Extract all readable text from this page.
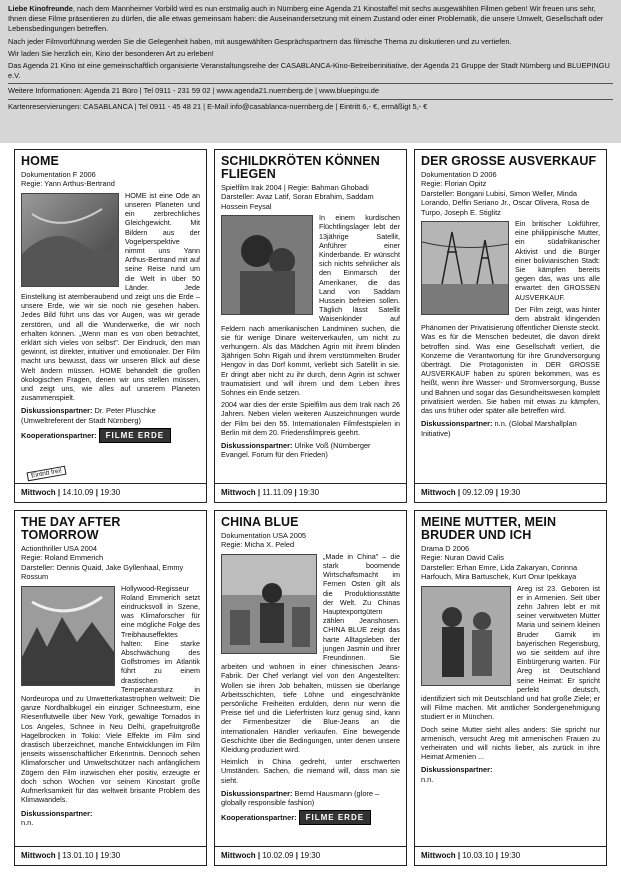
Liebe Kinofreunde, nach dem Mannheimer Vorbild wird es nun erstmalig auch in Nürnberg eine Agenda 21 Kinostaffel mit sechs ausgewählten Filmen geben! Wir freuen uns sehr, Ihnen diese Filme präsentieren zu dürfen, die alle etwas gemeinsam haben: die Auseinandersetzung mit einem Zustand oder einer Problematik, die unsere Umwelt, Gesellschaft oder Lebensbedingungen betreffen.

Nach jeder Filmvorführung werden Sie die Gelegenheit haben, mit ausgewählten Gesprächspartnern das filmische Thema zu diskutieren und zu vertiefen.

Wir laden Sie herzlich ein, Kino der besonderen Art zu erleben!

Das Agenda 21 Kino ist eine gemeinschaftlich organisierte Veranstaltungsreihe der CASABLANCA-Kino-Betreiberinitiative, der Agenda 21 Gruppe der Stadt Nürnberg und BLUEPINGU e.V.

Weitere Informationen: Agenda 21 Büro | Tel 0911 - 231 59 02 | www.agenda21.nuernberg.de | www.bluepingu.de

Kartenreservierungen: CASABLANCA | Tel 0911 - 45 48 21 | E-Mail info@casablanca-nuernberg.de | Eintritt 6,- €, ermäßigt 5,- €

HOME
Dokumentation F 2006
Regie: Yann Arthus-Bertrand

HOME ist eine Ode an unseren Planeten und ein zerbrechliches Gleichgewicht. Mit Bildern aus der Vogelperspektive nimmt uns Yann Arthus-Bertrand mit auf seine Reise rund um die Welt in über 50 Länder. Jede Einstellung ist atemberaubend und zeigt uns die Erde – unsere Erde, wie wir sie noch nie gesehen haben. Jedes Bild führt uns das vor Augen, was wir gerade zerstören, und all die Wunderwerke, die wir noch erhalten können. „Wenn man es von oben betrachtet, erklärt sich vieles von selbst". Der Eindruck, den man gewinnt, ist direkter, intuitiver und emotionaler. Der Film macht uns bewusst, dass wir unseren Blick auf diese Welt ändern müssen. HOME behandelt die großen ökologischen Fragen, denen wir uns stellen müssen, und zeigt uns, wie alles auf unserem Planeten zusammenspielt.

Diskussionspartner: Dr. Peter Pluschke (Umweltreferent der Stadt Nürnberg)
Kooperationspartner: FILME ERDE
Eintritt frei!
Mittwoch | 14.10.09 | 19:30
SCHILDKRÖTEN KÖNNEN FLIEGEN
Spielfilm Irak 2004 | Regie: Bahman Ghobadi
Darsteller: Avaz Latif, Soran Ebrahim, Saddam Hossein Feysal

In einem kurdischen Flüchtlingslager lebt der 13jährige Satellit, Anführer einer Kinderbande. Er wünscht sich nichts sehnlicher als den Einmarsch der Amerikaner, die das Land von Saddam Hussein befreien sollen. Täglich lässt Satellit Waisenkinder auf Feldern nach amerikanischen Landminen suchen, die sie für wenige Dinare weiterverkaufen, um nicht zu verhungern. Als das Mädchen Agrin mit ihrem blinden 3jährigen Sohn Rigah und ihrem verstümmelten Bruder Hengov in das Dorf kommt, verliebt sich Satellit in sie. Er dringt aber nicht zu ihr durch, denn Agrin ist schwer traumatisiert und will ihrem und dem Leben ihres Sohnes ein Ende setzen.

2004 war dies der erste Spielfilm aus dem Irak nach 26 Jahren. Neben vielen weiteren Auszeichnungen wurde der Film bei den 55. Internationalen Filmfestspielen in Berlin mit dem 20. Friedensfilmpreis geehrt.

Diskussionspartner: Ulrike Voß (Nürnberger Evangel. Forum für den Frieden)
Mittwoch | 11.11.09 | 19:30
DER GROSSE AUSVERKAUF
Dokumentation D 2006
Regie: Florian Opitz
Darsteller: Bongani Lubisi, Simon Weller, Minda Lorando, Delfin Seriano Jr., Oscar Olivera, Rosa de Turpo, Joseph E. Stiglitz

Ein britischer Lokführer, eine philippinische Mutter, ein südafrikanischer Aktivist und die Bürger einer bolivianischen Stadt: Sie kämpfen bereits gegen das, was uns alle erwartet: den GROSSEN AUSVERKAUF.

Der Film zeigt, was hinter dem abstrakt klingenden Phänomen der Privatisierung öffentlicher Dienste steckt. Was es für die Menschen bedeutet, die davon direkt betroffen sind. Was eine Gesellschaft verliert, die Konzerne die Verantwortung für ihre Grundversorgung überträgt. Die Protagonisten in DER GROSSE AUSVERKAUF haben zu spüren bekommen, was es heißt, wenn ihre Wasser- und Stromversorgung, Busse und Bahnen und sogar das Gesundheitswesen komplett privatisiert werden. Sie haben mit etwas zu kämpfen, das uns früher oder später alle betreffen wird.

Diskussionspartner: n.n. (Global Marshallplan Initiative)
Mittwoch | 09.12.09 | 19:30
THE DAY AFTER TOMORROW
Actionthriller USA 2004
Regie: Roland Emmerich
Darsteller: Dennis Quaid, Jake Gyllenhaal, Emmy Rossum

Hollywood-Regisseur Roland Emmerich setzt eindrucksvoll in Szene, was Klimaforscher für eine mögliche Folge des Treibhauseffektes halten: Eine starke Abschwächung des Golfstromes im Atlantik führt zu einem drastischen Temperatursturz in Nordeuropa und zu Unwetterkatastrophen weltweit: Die ganze Nordhalbkugel ein einziger Schneesturm, eine Riesenflutwelle über New York, gewaltige Tornados in Los Angeles, Schnee in Neu Delhi, grapefruitgroße Hagelbrocken in Tokio: Viele Effekte im Film sind drastisch überzeichnet, manche Entwicklungen im Film jenseits wissenschaftlicher Erkenntnis. Dennoch sehen Klimaforscher und Umweltschützer nach anfänglichem Zögern den Film inzwischen eher positiv, erzeugte er doch schon Wochen vor seinem Kinostart große Aufmerksamkeit für das weltweit brisante Problem des Klimawandels.

Diskussionspartner:
n.n.
Mittwoch | 13.01.10 | 19:30
CHINA BLUE
Dokumentation USA 2005
Regie: Micha X. Peled

„Made in China" – die stark boomende Wirtschaftsmacht im Fernen Osten gilt als die Produktionsstätte der Welt. Zu Chinas Hauptexportgütern zählen Jeanshosen. CHINA BLUE zeigt das harte Alltagsleben der jungen Jasmin und ihrer Freundinnen. Sie arbeiten und wohnen in einer chinesischen Jeans-Fabrik. Der Chef verlangt viel von den Angestellten: Wollen sie ihren Job behalten, müssen sie überlange Arbeitsschichten, tiefe Löhne und eingeschränkte persönliche Freiheiten erdulden, denn nur wenn die Preise tief und die Lieferfristen kurz genug sind, kann der Firmenbesitzer die Blue-Jeans an die internationalen Händler verkaufen. Eine bewegende Geschichte über die Bedingungen, unter denen unsere Kleidung produziert wird.

Heimlich in China gedreht, unter erschwerten Umständen. Sachen, die niemand will, dass man sie sieht.

Diskussionspartner: Bernd Hausmann (glore – globally responsible fashion)
Kooperationspartner: FILME ERDE
Mittwoch | 10.02.09 | 19:30
MEINE MUTTER, MEIN BRUDER UND ICH
Drama D 2006
Regie: Nuran David Calis
Darsteller: Erhan Emre, Lida Zakaryan, Corinna Harfouch, Mira Bartuschek, Kurt Onur Ipekkaya

Areg ist 23. Geboren ist er in Armenien. Seit über zehn Jahren lebt er mit seiner verwitweten Mutter Maria und seinem kleinen Bruder Garnik im bayerischen Regensburg, wo sie seitdem auf ihre Einbürgerung warten. Für Areg ist Deutschland seine Heimat: Er spricht perfekt deutsch, identifiziert sich mit Deutschland und hat große Ziele; er will Filme machen. Mit amtlicher Sondergenehmigung studiert er in München.

Doch seine Mutter sieht alles anders: Sie spricht nur armenisch, versucht Areg mit armenischen Frauen zu verheiraten und will nichts lieber, als zurück in ihre Heimat Armenien ...

Diskussionspartner:
n.n.
Mittwoch | 10.03.10 | 19:30
